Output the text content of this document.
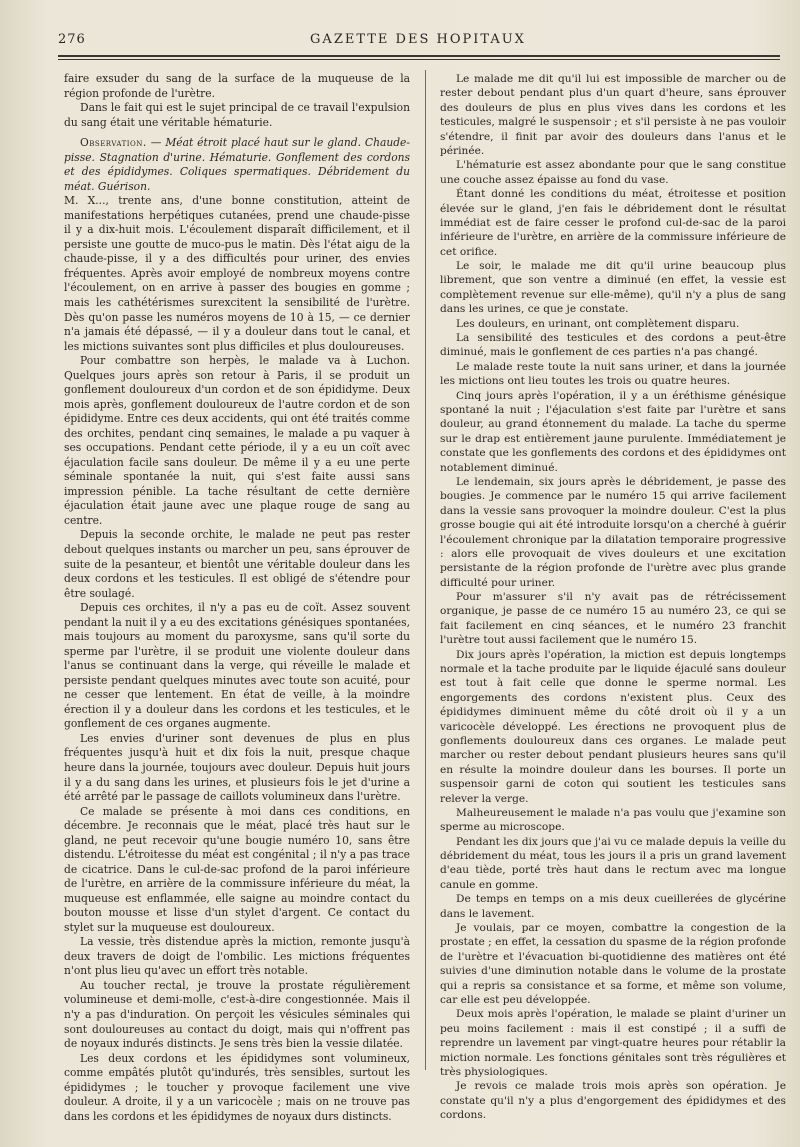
276	GAZETTE DES HOPITAUX

faire exsuder du sang de la surface de la muqueuse de la région profonde de l'urètre.

Dans le fait qui est le sujet principal de ce travail l'expulsion du sang était une véritable hématurie.

Observation. — Méat étroit placé haut sur le gland. Chaude-pisse. Stagnation d'urine. Hématurie. Gonflement des cordons et des épididymes. Coliques spermatiques. Débridement du méat. Guérison.

M. X..., trente ans, d'une bonne constitution, atteint de manifestations herpétiques cutanées, prend une chaude-pisse il y a dix-huit mois. L'écoulement disparaît difficilement, et il persiste une goutte de muco-pus le matin. Dès l'état aigu de la chaude-pisse, il y a des difficultés pour uriner, des envies fréquentes. Après avoir employé de nombreux moyens contre l'écoulement, on en arrive à passer des bougies en gomme ; mais les cathétérismes surexcitent la sensibilité de l'urètre. Dès qu'on passe les numéros moyens de 10 à 15, — ce dernier n'a jamais été dépassé, — il y a douleur dans tout le canal, et les mictions suivantes sont plus difficiles et plus douloureuses.

Pour combattre son herpès, le malade va à Luchon. Quelques jours après son retour à Paris, il se produit un gonflement douloureux d'un cordon et de son épididyme. Deux mois après, gonflement douloureux de l'autre cordon et de son épididyme. Entre ces deux accidents, qui ont été traités comme des orchites, pendant cinq semaines, le malade a pu vaquer à ses occupations. Pendant cette période, il y a eu un coït avec éjaculation facile sans douleur. De même il y a eu une perte séminale spontanée la nuit, qui s'est faite aussi sans impression pénible. La tache résultant de cette dernière éjaculation était jaune avec une plaque rouge de sang au centre.

Depuis la seconde orchite, le malade ne peut pas rester debout quelques instants ou marcher un peu, sans éprouver de suite de la pesanteur, et bientôt une véritable douleur dans les deux cordons et les testicules. Il est obligé de s'étendre pour être soulagé.

Depuis ces orchites, il n'y a pas eu de coït. Assez souvent pendant la nuit il y a eu des excitations génésiques spontanées, mais toujours au moment du paroxysme, sans qu'il sorte du sperme par l'urètre, il se produit une violente douleur dans l'anus se continuant dans la verge, qui réveille le malade et persiste pendant quelques minutes avec toute son acuité, pour ne cesser que lentement. En état de veille, à la moindre érection il y a douleur dans les cordons et les testicules, et le gonflement de ces organes augmente.

Les envies d'uriner sont devenues de plus en plus fréquentes jusqu'à huit et dix fois la nuit, presque chaque heure dans la journée, toujours avec douleur. Depuis huit jours il y a du sang dans les urines, et plusieurs fois le jet d'urine a été arrêté par le passage de caillots volumineux dans l'urètre.

Ce malade se présente à moi dans ces conditions, en décembre. Je reconnais que le méat, placé très haut sur le gland, ne peut recevoir qu'une bougie numéro 10, sans être distendu. L'étroitesse du méat est congénital ; il n'y a pas trace de cicatrice. Dans le cul-de-sac profond de la paroi inférieure de l'urètre, en arrière de la commissure inférieure du méat, la muqueuse est enflammée, elle saigne au moindre contact du bouton mousse et lisse d'un stylet d'argent. Ce contact du stylet sur la muqueuse est douloureux.

La vessie, très distendue après la miction, remonte jusqu'à deux travers de doigt de l'ombilic. Les mictions fréquentes n'ont plus lieu qu'avec un effort très notable.

Au toucher rectal, je trouve la prostate régulièrement volumineuse et demi-molle, c'est-à-dire congestionnée. Mais il n'y a pas d'induration. On perçoit les vésicules séminales qui sont douloureuses au contact du doigt, mais qui n'offrent pas de noyaux indurés distincts. Je sens très bien la vessie dilatée.

Les deux cordons et les épididymes sont volumineux, comme empâtés plutôt qu'indurés, très sensibles, surtout les épididymes ; le toucher y provoque facilement une vive douleur. A droite, il y a un varicocèle ; mais on ne trouve pas dans les cordons et les épididymes de noyaux durs distincts.

Le malade me dit qu'il lui est impossible de marcher ou de rester debout pendant plus d'un quart d'heure, sans éprouver des douleurs de plus en plus vives dans les cordons et les testicules, malgré le suspensoir ; et s'il persiste à ne pas vouloir s'étendre, il finit par avoir des douleurs dans l'anus et le périnée.

L'hématurie est assez abondante pour que le sang constitue une couche assez épaisse au fond du vase.

Étant donné les conditions du méat, étroitesse et position élevée sur le gland, j'en fais le débridement dont le résultat immédiat est de faire cesser le profond cul-de-sac de la paroi inférieure de l'urètre, en arrière de la commissure inférieure de cet orifice.

Le soir, le malade me dit qu'il urine beaucoup plus librement, que son ventre a diminué (en effet, la vessie est complètement revenue sur elle-même), qu'il n'y a plus de sang dans les urines, ce que je constate.

Les douleurs, en urinant, ont complètement disparu.

La sensibilité des testicules et des cordons a peut-être diminué, mais le gonflement de ces parties n'a pas changé.

Le malade reste toute la nuit sans uriner, et dans la journée les mictions ont lieu toutes les trois ou quatre heures.

Cinq jours après l'opération, il y a un éréthisme génésique spontané la nuit ; l'éjaculation s'est faite par l'urètre et sans douleur, au grand étonnement du malade. La tache du sperme sur le drap est entièrement jaune purulente. Immédiatement je constate que les gonflements des cordons et des épididymes ont notablement diminué.

Le lendemain, six jours après le débridement, je passe des bougies. Je commence par le numéro 15 qui arrive facilement dans la vessie sans provoquer la moindre douleur. C'est la plus grosse bougie qui ait été introduite lorsqu'on a cherché à guérir l'écoulement chronique par la dilatation temporaire progressive : alors elle provoquait de vives douleurs et une excitation persistante de la région profonde de l'urètre avec plus grande difficulté pour uriner.

Pour m'assurer s'il n'y avait pas de rétrécissement organique, je passe de ce numéro 15 au numéro 23, ce qui se fait facilement en cinq séances, et le numéro 23 franchit l'urètre tout aussi facilement que le numéro 15.

Dix jours après l'opération, la miction est depuis longtemps normale et la tache produite par le liquide éjaculé sans douleur est tout à fait celle que donne le sperme normal. Les engorgements des cordons n'existent plus. Ceux des épididymes diminuent même du côté droit où il y a un varicocèle développé. Les érections ne provoquent plus de gonflements douloureux dans ces organes. Le malade peut marcher ou rester debout pendant plusieurs heures sans qu'il en résulte la moindre douleur dans les bourses. Il porte un suspensoir garni de coton qui soutient les testicules sans relever la verge.

Malheureusement le malade n'a pas voulu que j'examine son sperme au microscope.

Pendant les dix jours que j'ai vu ce malade depuis la veille du débridement du méat, tous les jours il a pris un grand lavement d'eau tiède, porté très haut dans le rectum avec ma longue canule en gomme.

De temps en temps on a mis deux cueillerées de glycérine dans le lavement.

Je voulais, par ce moyen, combattre la congestion de la prostate ; en effet, la cessation du spasme de la région profonde de l'urètre et l'évacuation bi-quotidienne des matières ont été suivies d'une diminution notable dans le volume de la prostate qui a repris sa consistance et sa forme, et même son volume, car elle est peu développée.

Deux mois après l'opération, le malade se plaint d'uriner un peu moins facilement : mais il est constipé ; il a suffi de reprendre un lavement par vingt-quatre heures pour rétablir la miction normale. Les fonctions génitales sont très régulières et très physiologiques.

Je revois ce malade trois mois après son opération. Je constate qu'il n'y a plus d'engorgement des épididymes et des cordons.
